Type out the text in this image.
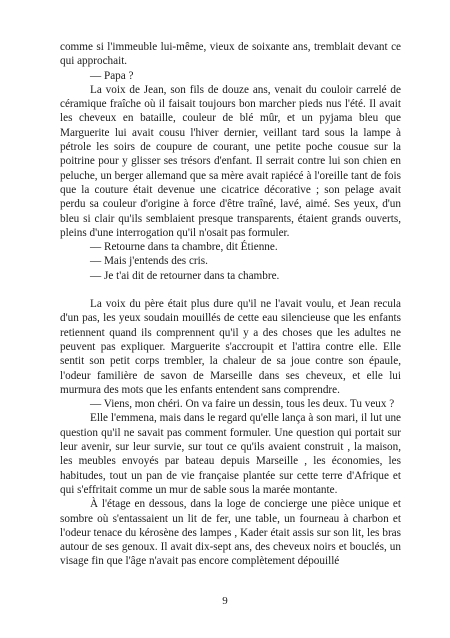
comme si l'immeuble lui-même, vieux de soixante ans, tremblait devant ce qui approchait.

— Papa ?

La voix de Jean, son fils de douze ans, venait du couloir carrelé de céramique fraîche où il faisait toujours bon marcher pieds nus l'été. Il avait les cheveux en bataille, couleur de blé mûr, et un pyjama bleu que Marguerite lui avait cousu l'hiver dernier, veillant tard sous la lampe à pétrole les soirs de coupure de courant, une petite poche cousue sur la poitrine pour y glisser ses trésors d'enfant. Il serrait contre lui son chien en peluche, un berger allemand que sa mère avait rapiécé à l'oreille tant de fois que la couture était devenue une cicatrice décorative ; son pelage avait perdu sa couleur d'origine à force d'être traîné, lavé, aimé. Ses yeux, d'un bleu si clair qu'ils semblaient presque transparents, étaient grands ouverts, pleins d'une interrogation qu'il n'osait pas formuler.

— Retourne dans ta chambre, dit Étienne.

— Mais j'entends des cris.

— Je t'ai dit de retourner dans ta chambre.

La voix du père était plus dure qu'il ne l'avait voulu, et Jean recula d'un pas, les yeux soudain mouillés de cette eau silencieuse que les enfants retiennent quand ils comprennent qu'il y a des choses que les adultes ne peuvent pas expliquer. Marguerite s'accroupit et l'attira contre elle. Elle sentit son petit corps trembler, la chaleur de sa joue contre son épaule, l'odeur familière de savon de Marseille dans ses cheveux, et elle lui murmura des mots que les enfants entendent sans comprendre.

— Viens, mon chéri. On va faire un dessin, tous les deux. Tu veux ?

Elle l'emmena, mais dans le regard qu'elle lança à son mari, il lut une question qu'il ne savait pas comment formuler. Une question qui portait sur leur avenir, sur leur survie, sur tout ce qu'ils avaient construit , la maison, les meubles envoyés par bateau depuis Marseille , les économies, les habitudes, tout un pan de vie française plantée sur cette terre d'Afrique et qui s'effritait comme un mur de sable sous la marée montante.

À l'étage en dessous, dans la loge de concierge une pièce unique et sombre où s'entassaient un lit de fer, une table, un fourneau à charbon et l'odeur tenace du kérosène des lampes , Kader était assis sur son lit, les bras autour de ses genoux. Il avait dix-sept ans, des cheveux noirs et bouclés, un visage fin que l'âge n'avait pas encore complètement dépouillé

9
